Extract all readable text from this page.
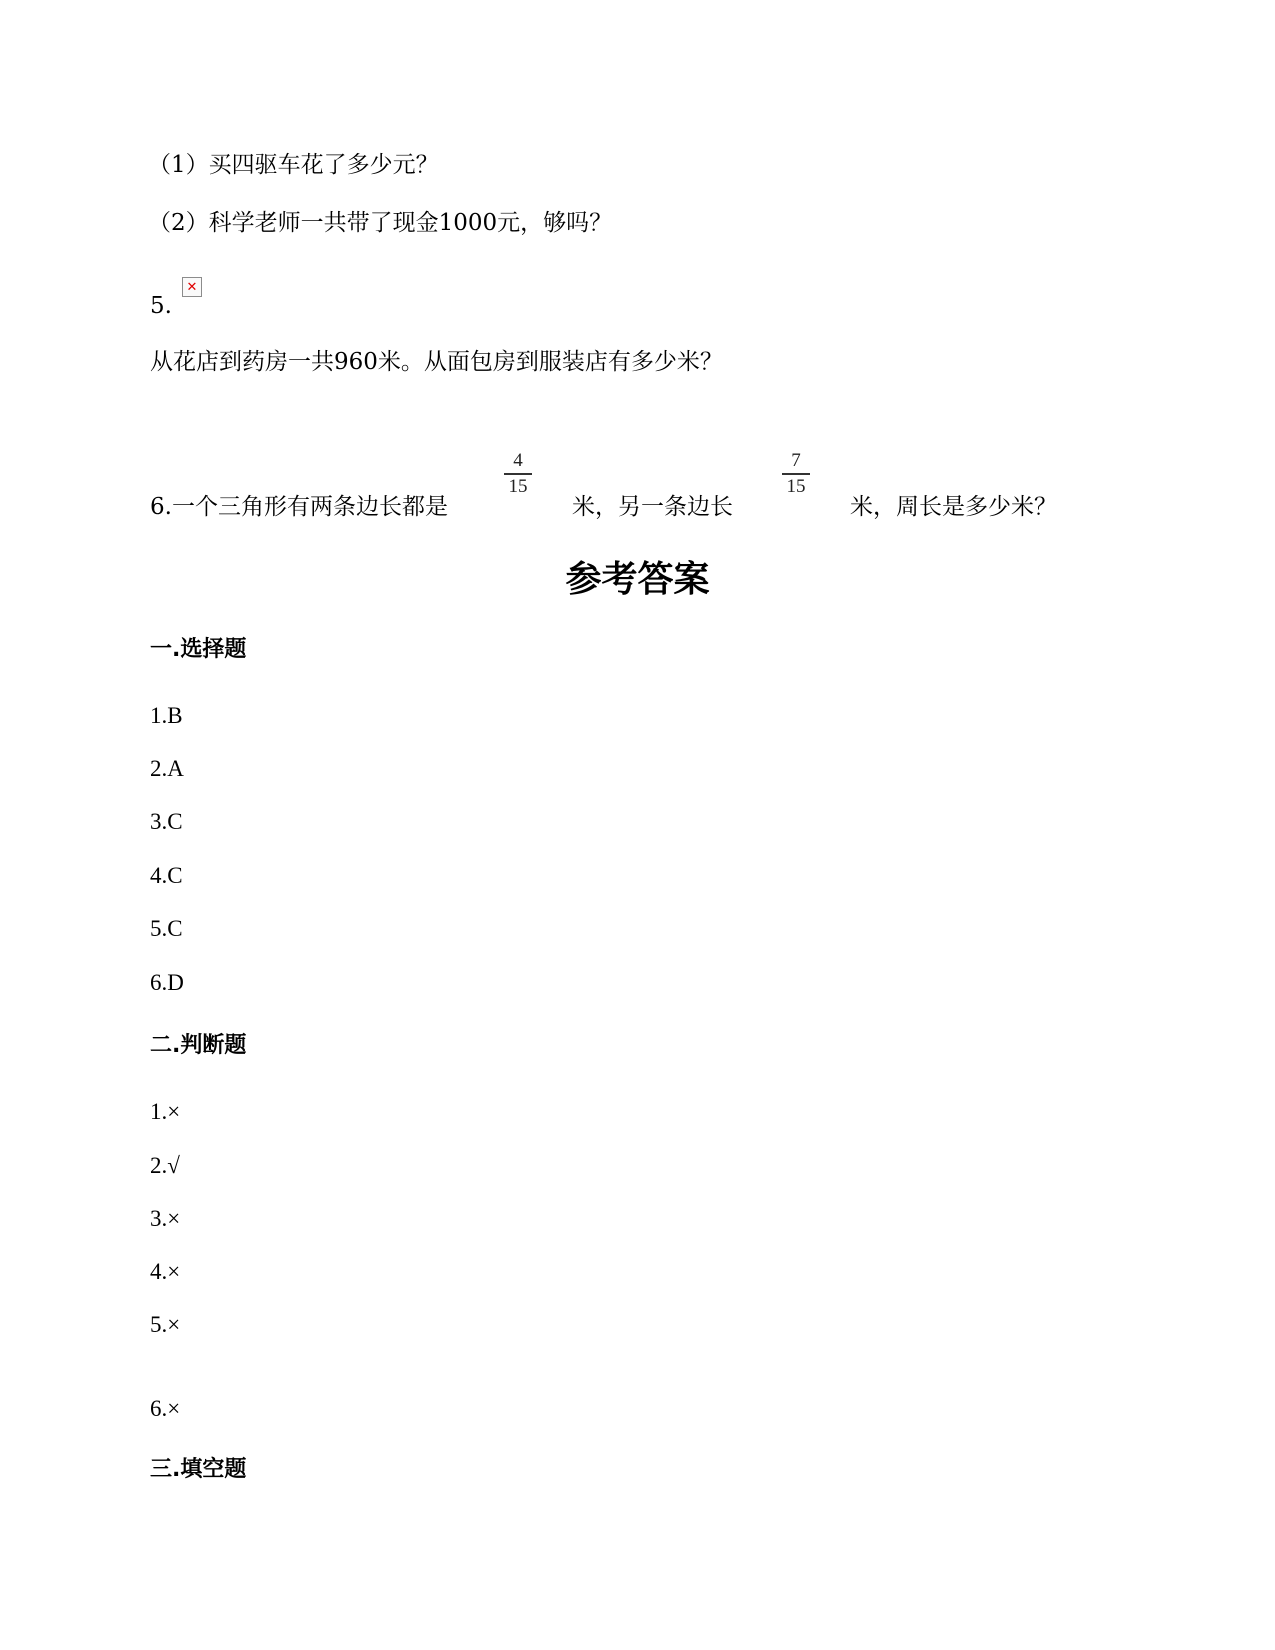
（1）买四驱车花了多少元？
（2）科学老师一共带了现金1000元，够吗？
5.
✕
从花店到药房一共960米。从面包房到服装店有多少米？
6.一个三角形有两条边长都是
4
15
米，另一条边长
7
15
米，周长是多少米？
参考答案
一.选择题
1.B
2.A
3.C
4.C
5.C
6.D
二.判断题
1.×
2.√
3.×
4.×
5.×
6.×
三.填空题
